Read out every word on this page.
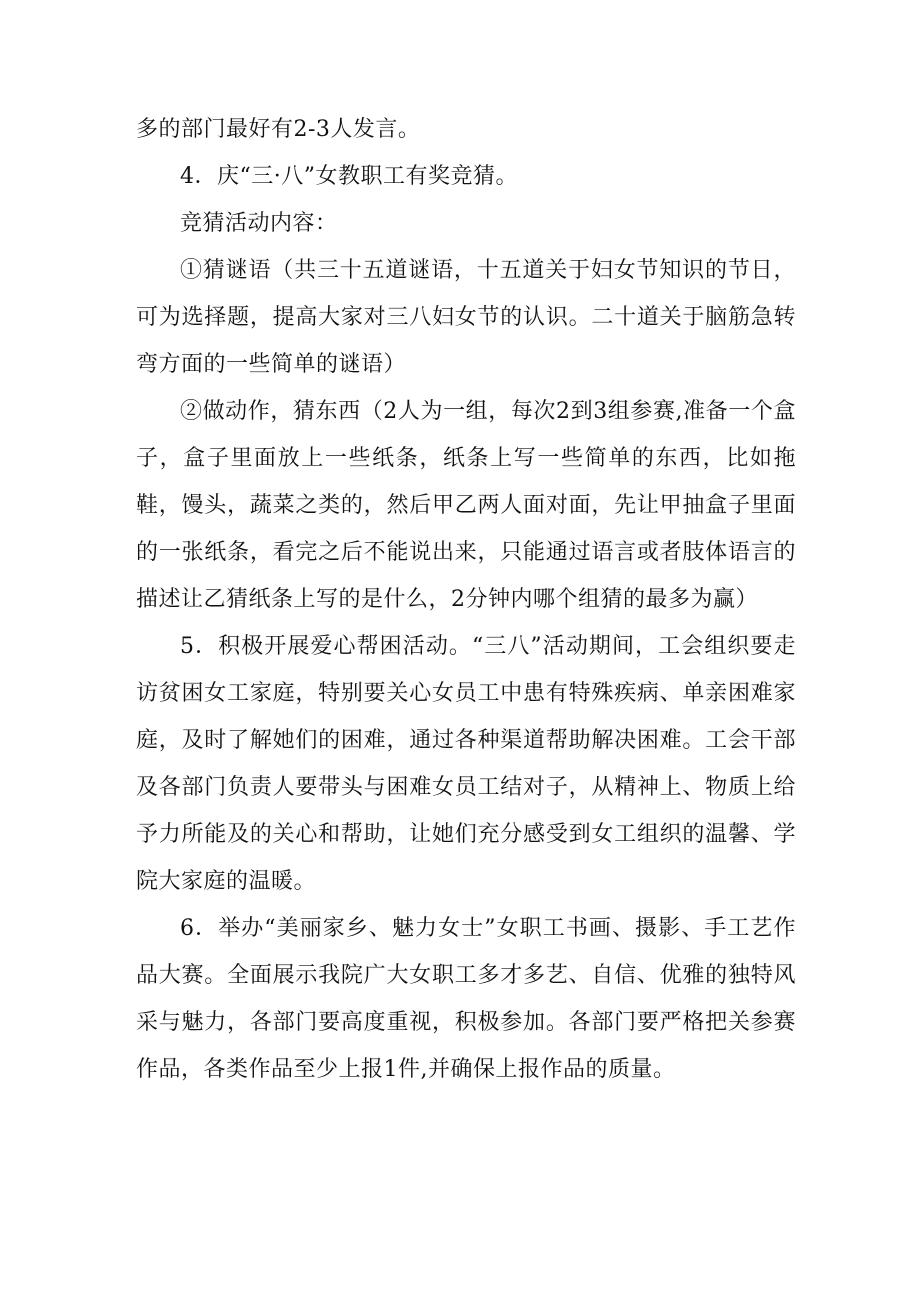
多的部门最好有2-3人发言。

4．庆“三·八”女教职工有奖竞猜。

竞猜活动内容：

①猜谜语（共三十五道谜语，十五道关于妇女节知识的节日，可为选择题，提高大家对三八妇女节的认识。二十道关于脑筋急转弯方面的一些简单的谜语）

②做动作，猜东西（2人为一组，每次2到3组参赛,准备一个盒子，盒子里面放上一些纸条，纸条上写一些简单的东西，比如拖鞋，馒头，蔬菜之类的，然后甲乙两人面对面，先让甲抽盒子里面的一张纸条，看完之后不能说出来，只能通过语言或者肢体语言的描述让乙猜纸条上写的是什么，2分钟内哪个组猜的最多为赢）

5．积极开展爱心帮困活动。“三八”活动期间，工会组织要走访贫困女工家庭，特别要关心女员工中患有特殊疾病、单亲困难家庭，及时了解她们的困难，通过各种渠道帮助解决困难。工会干部及各部门负责人要带头与困难女员工结对子，从精神上、物质上给予力所能及的关心和帮助，让她们充分感受到女工组织的温馨、学院大家庭的温暖。

6．举办“美丽家乡、魅力女士”女职工书画、摄影、手工艺作品大赛。全面展示我院广大女职工多才多艺、自信、优雅的独特风采与魅力，各部门要高度重视，积极参加。各部门要严格把关参赛作品，各类作品至少上报1件,并确保上报作品的质量。
